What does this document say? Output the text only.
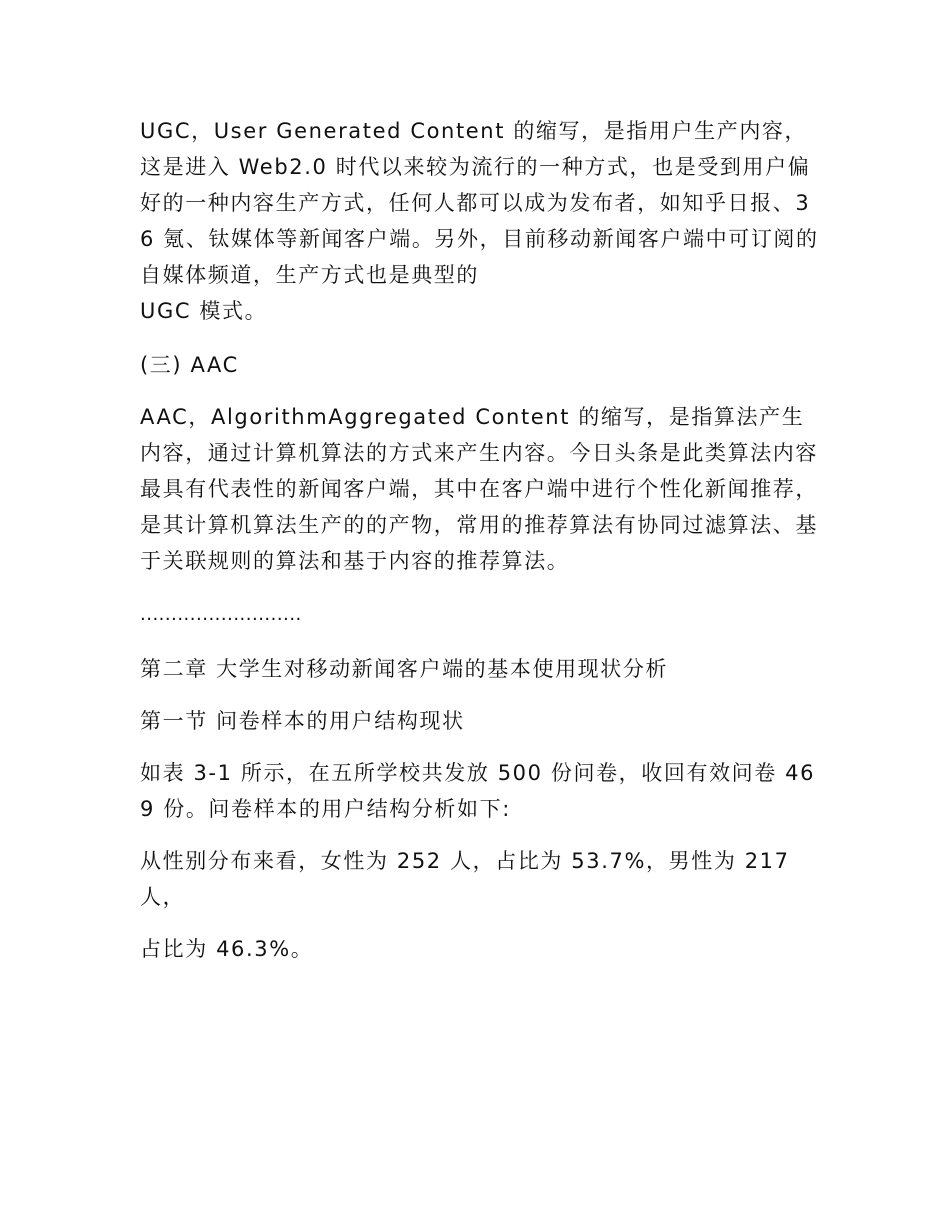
UGC，User Generated Content 的缩写，是指用户生产内容，这是进入 Web2.0 时代以来较为流行的一种方式，也是受到用户偏好的一种内容生产方式，任何人都可以成为发布者，如知乎日报、36 氪、钛媒体等新闻客户端。另外，目前移动新闻客户端中可订阅的自媒体频道，生产方式也是典型的

UGC 模式。

(三) AAC

AAC，AlgorithmAggregated Content 的缩写，是指算法产生内容，通过计算机算法的方式来产生内容。今日头条是此类算法内容最具有代表性的新闻客户端，其中在客户端中进行个性化新闻推荐，是其计算机算法生产的的产物，常用的推荐算法有协同过滤算法、基于关联规则的算法和基于内容的推荐算法。

..........................

第二章 大学生对移动新闻客户端的基本使用现状分析

第一节 问卷样本的用户结构现状

如表 3-1 所示，在五所学校共发放 500 份问卷，收回有效问卷 469 份。问卷样本的用户结构分析如下:

从性别分布来看，女性为 252 人，占比为 53.7%，男性为 217 人，

占比为 46.3%。
